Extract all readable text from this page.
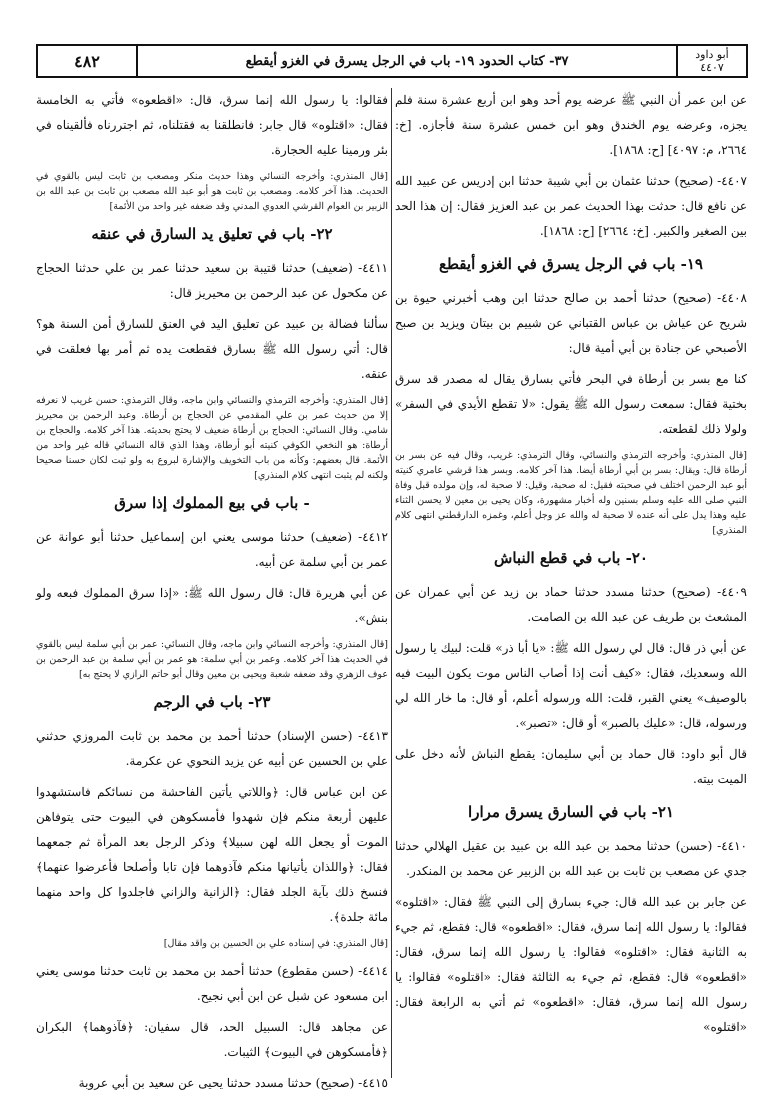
أبو داود
٤٤٠٧
٣٧- كتاب الحدود ١٩- باب في الرجل يسرق في الغزو أيقطع
٤٨٢

عن ابن عمر أن النبي ﷺ عرضه يوم أحد وهو ابن أربع عشرة سنة فلم يجزه، وعرضه يوم الخندق وهو ابن خمس عشرة سنة فأجازه. [خ: ٢٦٦٤، م: ٤٠٩٧] [ح: ١٨٦٨].

٤٤٠٧- (صحيح) حدثنا عثمان بن أبي شيبة حدثنا ابن إدريس عن عبيد الله عن نافع قال: حدثت بهذا الحديث عمر بن عبد العزيز فقال: إن هذا الحد بين الصغير والكبير. [خ: ٢٦٦٤] [ح: ١٨٦٨].

١٩- باب في الرجل يسرق في الغزو أيقطع

٤٤٠٨- (صحيح) حدثنا أحمد بن صالح حدثنا ابن وهب أخبرني حيوة بن شريح عن عياش بن عباس القتباني عن شييم بن بيتان ويزيد بن صبح الأصبحي عن جنادة بن أبي أمية قال:

كنا مع بسر بن أرطاة في البحر فأتي بسارق يقال له مصدر قد سرق بختية فقال: سمعت رسول الله ﷺ يقول: «لا تقطع الأيدي في السفر» ولولا ذلك لقطعته.

[قال المنذري: وأخرجه الترمذي والنسائي، وقال الترمذي: غريب، وقال فيه عن بسر بن أرطاة قال: ويقال: بسر بن أبي أرطاة أيضا. هذا آخر كلامه. وبسر هذا قرشي عامري كنيته أبو عبد الرحمن اختلف في صحبته فقيل: له صحبة، وقيل: لا صحبة له، وإن مولده قبل وفاة النبي صلى الله عليه وسلم بسنين وله أخبار مشهورة، وكان يحيى بن معين لا يحسن الثناء عليه وهذا يدل على أنه عنده لا صحبة له والله عز وجل أعلم، وغمزه الدارقطني انتهى كلام المنذري]
٢٠- باب في قطع النباش

٤٤٠٩- (صحيح) حدثنا مسدد حدثنا حماد بن زيد عن أبي عمران عن المشعث بن طريف عن عبد الله بن الصامت.

عن أبي ذر قال: قال لي رسول الله ﷺ: «يا أبا ذر» قلت: لبيك يا رسول الله وسعديك، فقال: «كيف أنت إذا أصاب الناس موت يكون البيت فيه بالوصيف» يعني القبر، قلت: الله ورسوله أعلم، أو قال: ما خار الله لي ورسوله، قال: «عليك بالصبر» أو قال: «تصبر».

قال أبو داود: قال حماد بن أبي سليمان: يقطع النباش لأنه دخل على الميت بيته.

٢١- باب في السارق يسرق مرارا

٤٤١٠- (حسن) حدثنا محمد بن عبد الله بن عبيد بن عقيل الهلالي حدثنا جدي عن مصعب بن ثابت بن عبد الله بن الزبير عن محمد بن المنكدر.

عن جابر بن عبد الله قال: جيء بسارق إلى النبي ﷺ فقال: «اقتلوه» فقالوا: يا رسول الله إنما سرق، فقال: «اقطعوه» قال: فقطع، ثم جيء به الثانية فقال: «اقتلوه» فقالوا: يا رسول الله إنما سرق، فقال: «اقطعوه» قال: فقطع، ثم جيء به الثالثة فقال: «اقتلوه» فقالوا: يا رسول الله إنما سرق، فقال: «اقطعوه» ثم أتي به الرابعة فقال: «اقتلوه»

فقالوا: يا رسول الله إنما سرق، قال: «اقطعوه» فأتي به الخامسة فقال: «اقتلوه» قال جابر: فانطلقنا به فقتلناه، ثم اجتررناه فألقيناه في بئر ورمينا عليه الحجارة.

[قال المنذري: وأخرجه النسائي وهذا حديث منكر ومصعب بن ثابت ليس بالقوي في الحديث. هذا آخر كلامه. ومصعب بن ثابت هو أبو عبد الله مصعب بن ثابت بن عبد الله بن الزبير بن العوام القرشي العدوي المدني وقد ضعفه غير واحد من الأئمة]
٢٢- باب في تعليق يد السارق في عنقه

٤٤١١- (ضعيف) حدثنا قتيبة بن سعيد حدثنا عمر بن علي حدثنا الحجاج عن مكحول عن عبد الرحمن بن محيريز قال:

سألنا فضالة بن عبيد عن تعليق اليد في العنق للسارق أمن السنة هو؟ قال: أتي رسول الله ﷺ بسارق فقطعت يده ثم أمر بها فعلقت في عنقه.

[قال المنذري: وأخرجه الترمذي والنسائي وابن ماجه، وقال الترمذي: حسن غريب لا نعرفه إلا من حديث عمر بن علي المقدمي عن الحجاج بن أرطاة. وعبد الرحمن بن محيريز شامي. وقال النسائي: الحجاج بن أرطاة ضعيف لا يحتج بحديثه. هذا آخر كلامه. والحجاج بن أرطاة: هو النخعي الكوفي كنيته أبو أرطاة، وهذا الذي قاله النسائي قاله غير واحد من الأئمة. قال بعضهم: وكأنه من باب التخويف والإشارة لبروع به ولو ثبت لكان حسنا صحيحا ولكنه لم يثبت انتهى كلام المنذري]
- باب في بيع المملوك إذا سرق

٤٤١٢- (ضعيف) حدثنا موسى يعني ابن إسماعيل حدثنا أبو عوانة عن عمر بن أبي سلمة عن أبيه.

عن أبي هريرة قال: قال رسول الله ﷺ: «إذا سرق المملوك فبعه ولو بنش».

[قال المنذري: وأخرجه النسائي وابن ماجه، وقال النسائي: عمر بن أبي سلمة ليس بالقوي في الحديث هذا آخر كلامه. وعمر بن أبي سلمة: هو عمر بن أبي سلمة بن عبد الرحمن بن عوف الزهري وقد ضعفه شعبة ويحيى بن معين وقال أبو حاتم الرازي لا يحتج به]
٢٣- باب في الرجم

٤٤١٣- (حسن الإسناد) حدثنا أحمد بن محمد بن ثابت المروزي حدثني علي بن الحسين عن أبيه عن يزيد النحوي عن عكرمة.

عن ابن عباس قال: ﴿واللاتي يأتين الفاحشة من نسائكم فاستشهدوا عليهن أربعة منكم فإن شهدوا فأمسكوهن في البيوت حتى يتوفاهن الموت أو يجعل الله لهن سبيلا﴾ وذكر الرجل بعد المرأة ثم جمعهما فقال: ﴿واللذان يأتيانها منكم فآذوهما فإن تابا وأصلحا فأعرضوا عنهما﴾ فنسخ ذلك بآية الجلد فقال: ﴿الزانية والزاني فاجلدوا كل واحد منهما مائة جلدة﴾.

[قال المنذري: في إسناده علي بن الحسين بن واقد مقال]

٤٤١٤- (حسن مقطوع) حدثنا أحمد بن محمد بن ثابت حدثنا موسى يعني ابن مسعود عن شبل عن ابن أبي نجيح.

عن مجاهد قال: السبيل الحد، قال سفيان: ﴿فآذوهما﴾ البكران ﴿فأمسكوهن في البيوت﴾ الثيبات.

٤٤١٥- (صحيح) حدثنا مسدد حدثنا يحيى عن سعيد بن أبي عروبة
